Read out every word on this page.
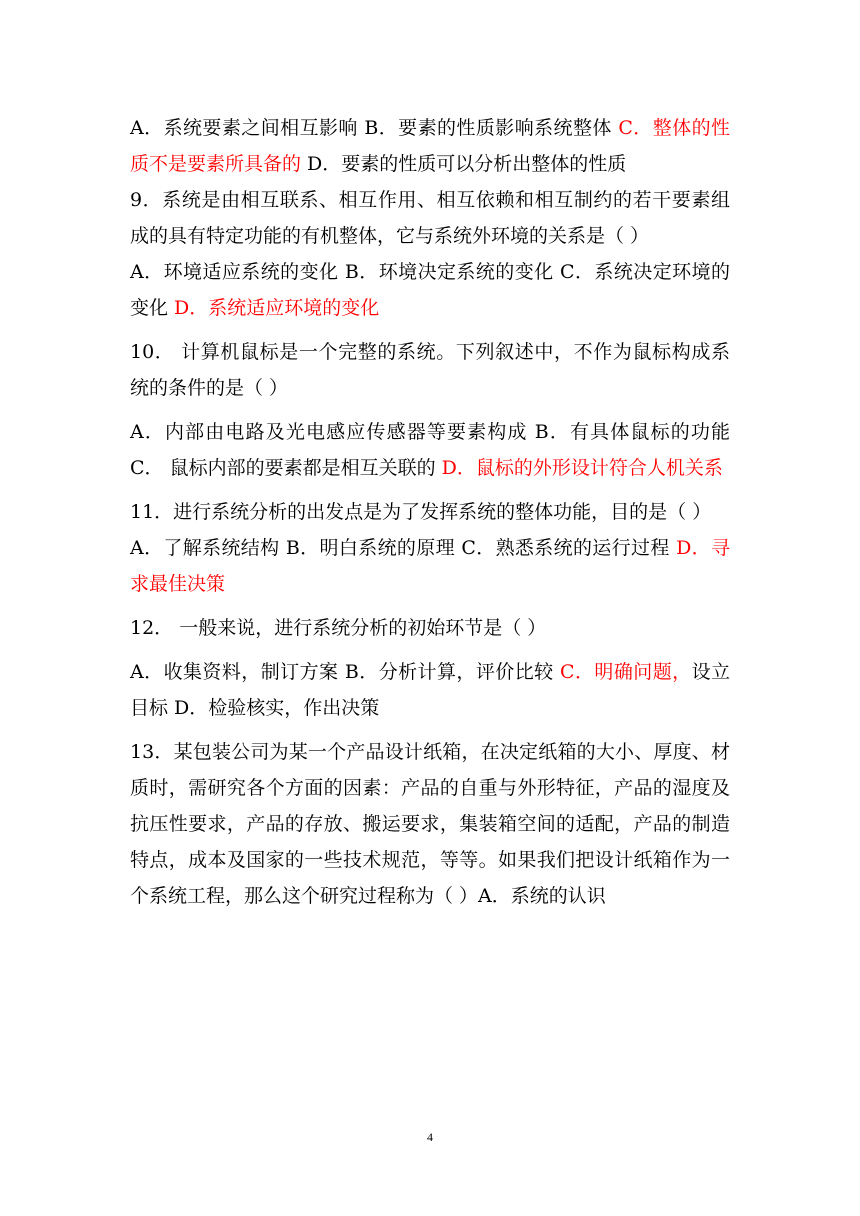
A．系统要素之间相互影响 B．要素的性质影响系统整体 C．整体的性质不是要素所具备的 D．要素的性质可以分析出整体的性质

9．系统是由相互联系、相互作用、相互依赖和相互制约的若干要素组成的具有特定功能的有机整体，它与系统外环境的关系是（ ）

A．环境适应系统的变化 B．环境决定系统的变化 C．系统决定环境的变化 D．系统适应环境的变化

10． 计算机鼠标是一个完整的系统。下列叙述中，不作为鼠标构成系统的条件的是（ ）

A．内部由电路及光电感应传感器等要素构成 B．有具体鼠标的功能 C． 鼠标内部的要素都是相互关联的 D．鼠标的外形设计符合人机关系

11．进行系统分析的出发点是为了发挥系统的整体功能，目的是（ ）

A．了解系统结构 B．明白系统的原理 C．熟悉系统的运行过程 D．寻求最佳决策

12． 一般来说，进行系统分析的初始环节是（ ）

A．收集资料，制订方案 B．分析计算，评价比较 C．明确问题，设立目标 D．检验核实，作出决策

13．某包装公司为某一个产品设计纸箱，在决定纸箱的大小、厚度、材质时，需研究各个方面的因素：产品的自重与外形特征，产品的湿度及抗压性要求，产品的存放、搬运要求，集装箱空间的适配，产品的制造特点，成本及国家的一些技术规范，等等。如果我们把设计纸箱作为一个系统工程，那么这个研究过程称为（ ）A．系统的认识

4
